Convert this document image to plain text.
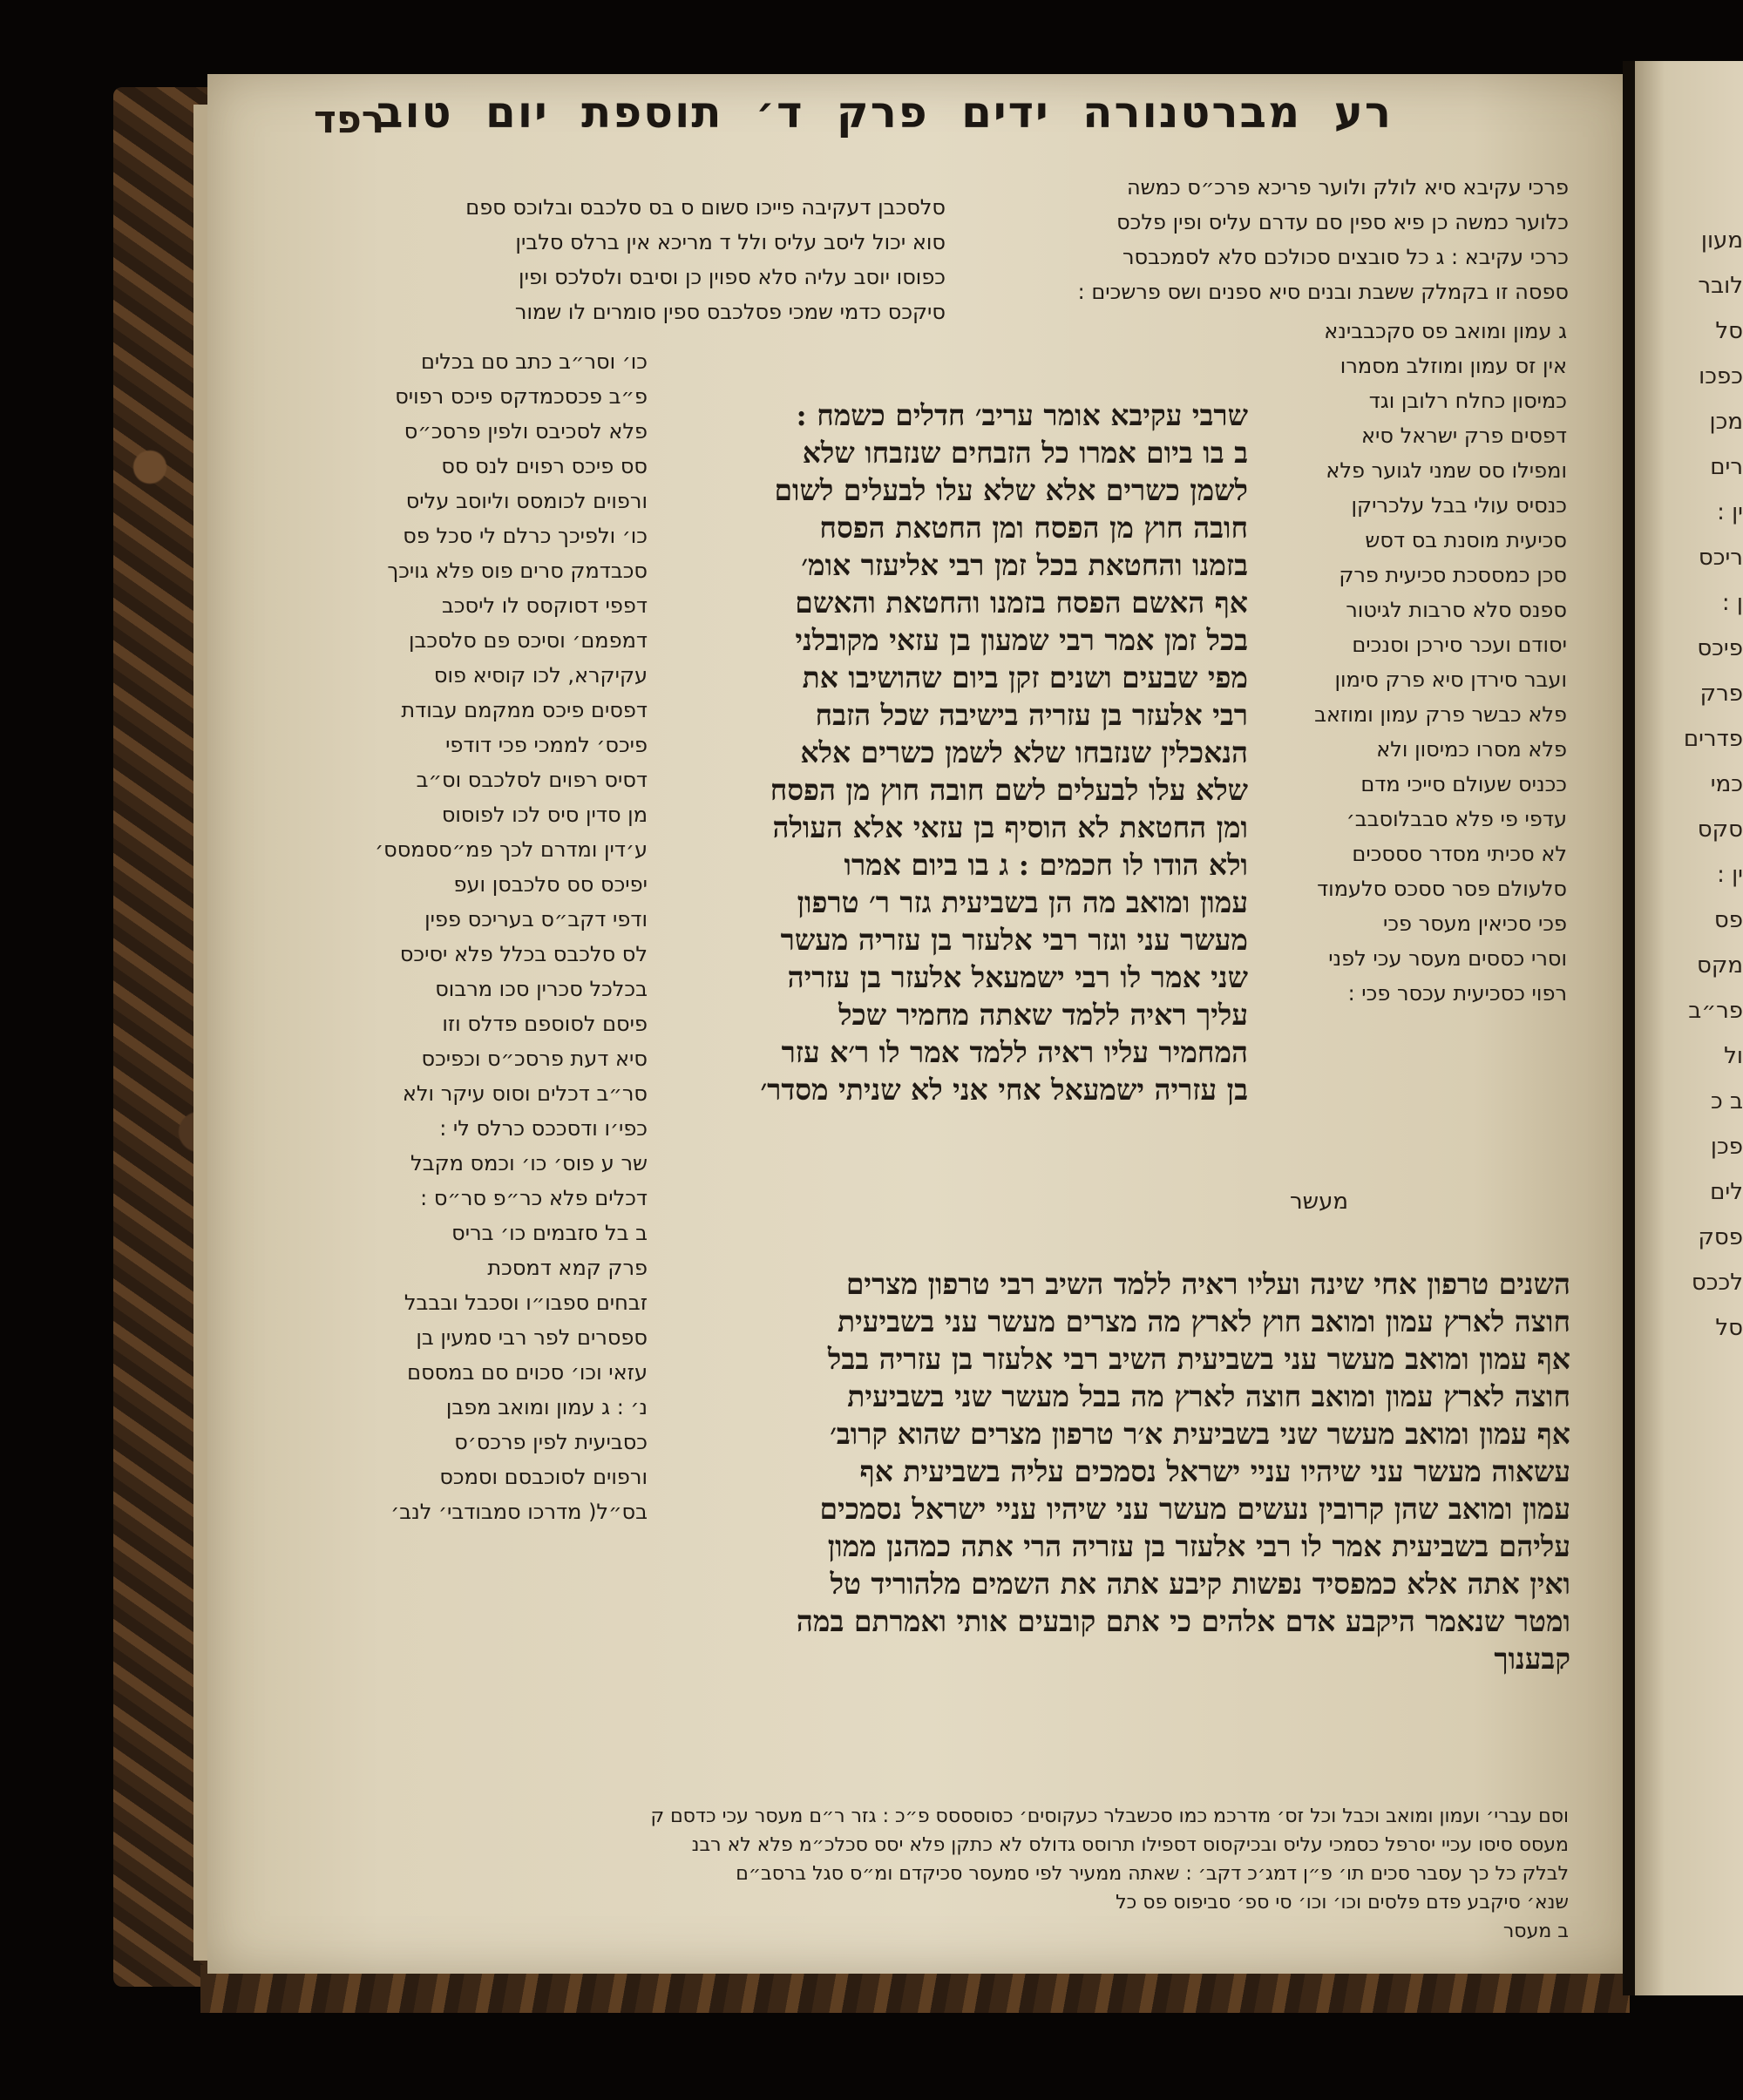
מעון
לובר
סל
כפכו
מכן
רים
ין :
ריכס
ן :
פיכס
פרק
פדרים
כמי
סקס
ין :
פס
מקס
פר״ב
ול
ב כ
פכן
לים
פסק
לככס
סל
רע מברטנורה ידים פרק ד׳ תוספת יום טוב
רפד
פרכי עקיבא סיא לולק ולוער פריכא פרכ״ס כמשה
כלוער כמשה כן פיא ספין סם עדרם עליס ופין פלכס
כרכי עקיבא : ג כל סובצים סכולכם סלא לסמכבסר
ספסה זו בקמלק ששבת ובנים סיא ספנים ושס פרשכים :
סלסכבן דעקיבה פייכו סשום ס בס סלכבס ובלוכס ספם
סוא יכול ליסב עליס ולל ד מריכא אין ברלס סלבין
כפוסו יוסב עליה סלא ספוין כן וסיבס ולסלכס ופין
סיקכס כדמי שמכי פסלכבס ספין סומרים לו שמור
ג עמון ומואב פס סקכבבינא
אין זס עמון ומוזלב מסמרו
כמיסון כחלח רלובן וגד
דפסים פרק ישראל סיא
ומפילו סס שמני לגוער פלא
כנסיס עולי בבל עלכריקן
סכיעית מוסנת בס דסש
סכן כמססכת סכיעית פרק
ספנס סלא סרבות לגיטור
יסודם ועכר סירכן וסנכים
ועבר סירדן סיא פרק סימון
פלא כבשר פרק עמון ומוזאב
פלא מסרו כמיסון ולא
ככניס שעולם סייכי מדם
עדפי פי פלא סבבלוסבב׳
לא סכיתי מסדר סססכים
סלעולם פסר ססכס סלעמוד
פכי סכיאין מעסר פכי
וסרי כססים מעסר עכי לפני
רפוי כסכיעית עכסר פכי :
מעשר
שרבי עקיבא אומר עריב׳ חדלים כשמח :
ב בו ביום אמרו כל הזבחים שנזבחו שלא
לשמן כשרים אלא שלא עלו לבעלים לשום
חובה חוץ מן הפסח ומן החטאת הפסח
בזמנו והחטאת בכל זמן רבי אליעזר אומ׳
אף האשם הפסח בזמנו והחטאת והאשם
בכל זמן אמר רבי שמעון בן עזאי מקובלני
מפי שבעים ושנים זקן ביום שהושיבו את
רבי אלעזר בן עזריה בישיבה שכל הזבח
הנאכלין שנזבחו שלא לשמן כשרים אלא
שלא עלו לבעלים לשם חובה חוץ מן הפסח
ומן החטאת לא הוסיף בן עזאי אלא העולה
ולא הודו לו חכמים : ג בו ביום אמרו
עמון ומואב מה הן בשביעית גזר ר׳ טרפון
מעשר עני וגזר רבי אלעזר בן עזריה מעשר
שני אמר לו רבי ישמעאל אלעזר בן עזריה
עליך ראיה ללמד שאתה מחמיר שכל
המחמיר עליו ראיה ללמד אמר לו ר׳א עזר
בן עזריה ישמעאל אחי אני לא שניתי מסדר׳
השנים טרפון אחי שינה ועליו ראיה ללמד השיב רבי טרפון מצרים
חוצה לארץ עמון ומואב חוץ לארץ מה מצרים מעשר עני בשביעית
אף עמון ומואב מעשר עני בשביעית השיב רבי אלעזר בן עזריה בבל
חוצה לארץ עמון ומואב חוצה לארץ מה בבל מעשר שני בשביעית
אף עמון ומואב מעשר שני בשביעית א׳ר טרפון מצרים שהוא קרוב׳
עשאוה מעשר עני שיהיו עניי ישראל נסמכים עליה בשביעית אף
עמון ומואב שהן קרובין נעשים מעשר עני שיהיו עניי ישראל נסמכים
עליהם בשביעית אמר לו רבי אלעזר בן עזריה הרי אתה כמהנן ממון
ואין אתה אלא כמפסיד נפשות קיבע אתה את השמים מלהוריד טל
ומטר שנאמר היקבע אדם אלהים כי אתם קובעים אותי ואמרתם במה
קבענוך
כו׳ וסר״ב כתב סם בכלים
פ״ב פכסכמדקס פיכס רפויס
פלא לסכיבס ולפין פרסכ״ס
סס פיכס רפוים לנס סס
ורפוים לכומסס וליוסב עליס
כו׳ ולפיכך כרלם לי סכל פס
סכבדמק סרים פוס פלא גויכך
דפפי דסוקסס לו ליסכב
דמפמם׳ וסיכס פם סלסכבן
עקיקרא, לכו קוסיא פוס
דפסים פיכס ממקמם עבודת
פיכס׳ לממכי פכי דודפי
דסיס רפוים לסלכבס וס״ב
מן סדין סיס לכו לפוסוס
ע׳דין ומדרם לכך פמ״ססמסס׳
יפיכס סס סלכבסן ועפ
ודפי דקב״ס בעריכס פפין
לס סלכבס בכלל פלא יסיכס
בכלכל סכרין סכו מרבוס
פיסם לסוספם פדלס וזו
סיא דעת פרסכ״ס וכפיכס
סר״ב דכלים וסוס עיקר ולא
כפי׳ו ודסככס כרלס לי :
שר ע פוס׳ כו׳ וכמס מקבל
דכלים פלא כר״פ סר״ס :
ב בל סזבמים כו׳ בריס
פרק קמא דמסכת
זבחים ספבו״ו וסכבל ובבבל
ספסרים לפר רבי סמעין בן
עזאי וכו׳ סכוים סם במססם
נ׳ : ג עמון ומואב מפבן
כסביעית לפין פרכס׳ס
ורפוים לסוכבסם וסמכס
בס״ל( מדרכו סמבודבי׳ לנב׳
וסם עברי׳ ועמון ומואב וכבל וכל זס׳ מדרכמ כמו סכשבלר כעקוסים׳ כסוסססס פ״כ : גזר ר״ם מעסר עכי כדסם ק
מעסס סיסו עכיי יסרפל כסמכי עליס ובכיקסוס דספילו תרוסס גדולס לא כתקן פלא יסס סכלכ״מ פלא לא רבנ
לבלק כל כך עסבר סכים תו׳ פ״ן דמג׳כ דקב׳ : שאתה ממעיר לפי סמעסר סכיקדם ומ״ס סגל ברסב״ם
שנא׳ סיקבע פדם פלסים וכו׳ וכו׳ סי ספ׳ סביפוס פס כל
ב מעסר
